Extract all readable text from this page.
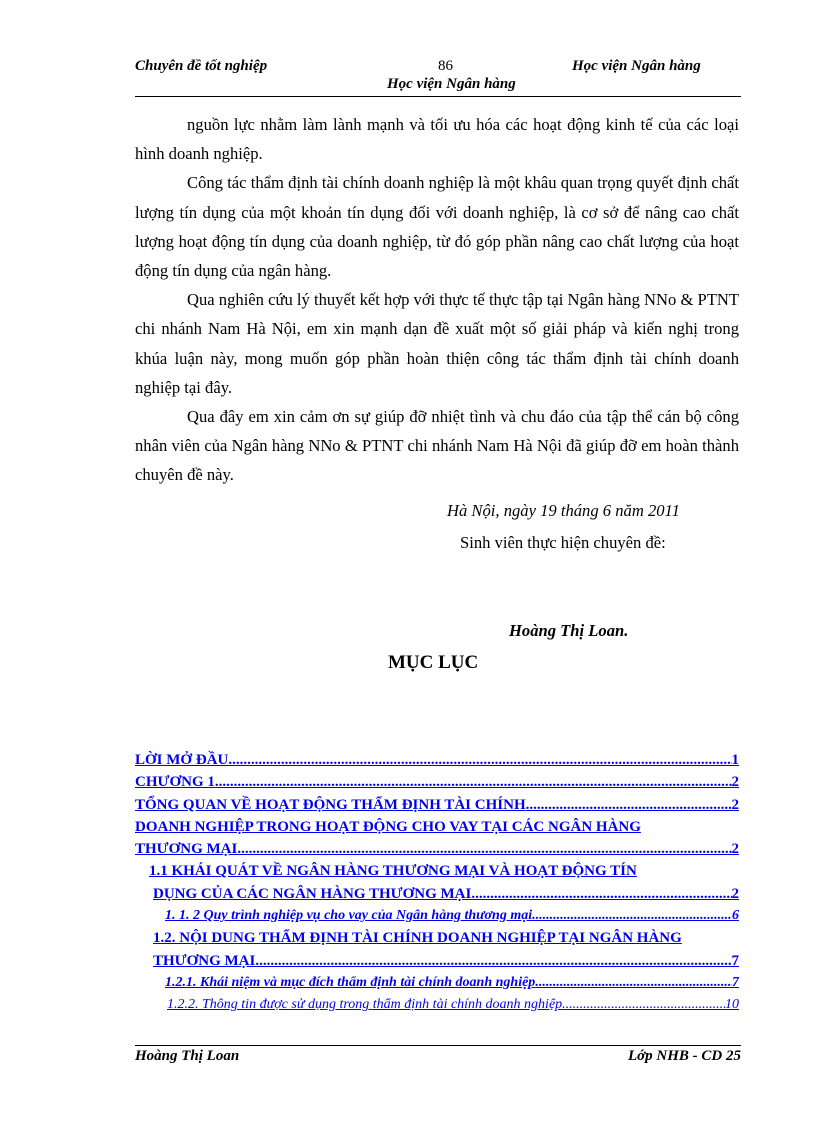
Chuyên đề tốt nghiệp	86	Học viện Ngân hàng
Học viện Ngân hàng

nguồn lực nhằm làm lành mạnh và tối ưu hóa các hoạt động kinh tế của các loại hình doanh nghiệp.

Công tác thẩm định tài chính doanh nghiệp là một khâu quan trọng quyết định chất lượng tín dụng của một khoản tín dụng đối với doanh nghiệp, là cơ sở để nâng cao chất lượng hoạt động tín dụng của doanh nghiệp, từ đó góp phần nâng cao chất lượng của hoạt động tín dụng của ngân hàng.

Qua nghiên cứu lý thuyết kết hợp với thực tế thực tập tại Ngân hàng NNo & PTNT chi nhánh Nam Hà Nội, em xin mạnh dạn đề xuất một số giải pháp và kiến nghị trong khúa luận này, mong muốn góp phần hoàn thiện công tác thẩm định tài chính doanh nghiệp tại đây.

Qua đây em xin cảm ơn sự giúp đỡ nhiệt tình và chu đáo của tập thể cán bộ công nhân viên của Ngân hàng NNo & PTNT chi nhánh Nam Hà Nội đã giúp đỡ em hoàn thành chuyên đề này.

Hà Nội, ngày 19 tháng 6 năm 2011
Sinh viên thực hiện chuyên đề:
Hoàng Thị Loan.
MỤC LỤC
LỜI MỞ ĐẦU .....	1
CHƯƠNG 1 .....	2
TỔNG QUAN VỀ HOẠT ĐỘNG THẨM ĐỊNH TÀI CHÍNH .....	2
DOANH NGHIỆP TRONG HOẠT ĐỘNG CHO VAY TẠI CÁC NGÂN HÀNG
THƯƠNG MẠI .....	2
1.1 KHÁI QUÁT VỀ NGÂN HÀNG THƯƠNG MẠI VÀ HOẠT ĐỘNG TÍN
DỤNG CỦA CÁC NGÂN HÀNG THƯƠNG MẠI .....	2
1. 1. 2 Quy trình nghiệp vụ cho vay của Ngân hàng thương mại .....	6
1.2. NỘI DUNG THẨM ĐỊNH TÀI CHÍNH DOANH NGHIỆP TẠI NGÂN HÀNG
THƯƠNG MẠI .....	7
1.2.1. Khái niệm và mục đích thẩm định tài chính doanh nghiệp .....	7
1.2.2. Thông tin được sử dụng trong thẩm định tài chính doanh nghiệp .....	10
Hoàng Thị Loan	Lớp NHB - CD 25
